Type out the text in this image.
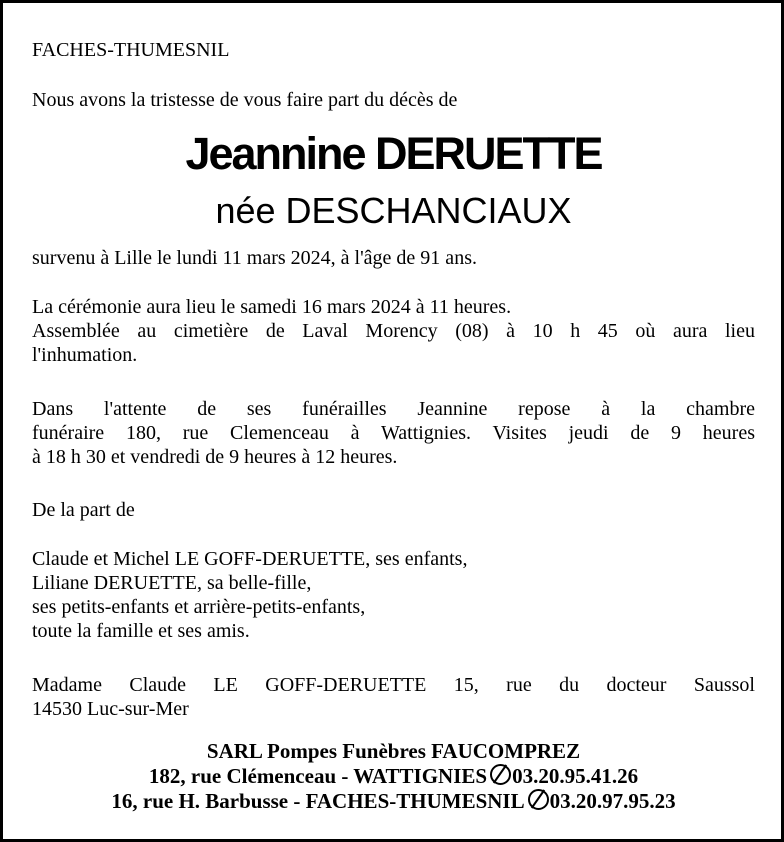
FACHES-THUMESNIL
Nous avons la tristesse de vous faire part du décès de
Jeannine DERUETTE
née DESCHANCIAUX
survenu à Lille le lundi 11 mars 2024, à l'âge de 91 ans.
La cérémonie aura lieu le samedi 16 mars 2024 à 11 heures.
Assemblée au cimetière de Laval Morency (08) à 10 h 45 où aura lieu
l'inhumation.
Dans l'attente de ses funérailles Jeannine repose à la chambre
funéraire 180, rue Clemenceau à Wattignies. Visites jeudi de 9 heures
à 18 h 30 et vendredi de 9 heures à 12 heures.
De la part de
Claude et Michel LE GOFF-DERUETTE, ses enfants,
Liliane DERUETTE, sa belle-fille,
ses petits-enfants et arrière-petits-enfants,
toute la famille et ses amis.
Madame Claude LE GOFF-DERUETTE 15, rue du docteur Saussol
14530 Luc-sur-Mer
SARL Pompes Funèbres FAUCOMPREZ
182, rue Clémenceau - WATTIGNIES 03.20.95.41.26
16, rue H. Barbusse - FACHES-THUMESNIL 03.20.97.95.23
